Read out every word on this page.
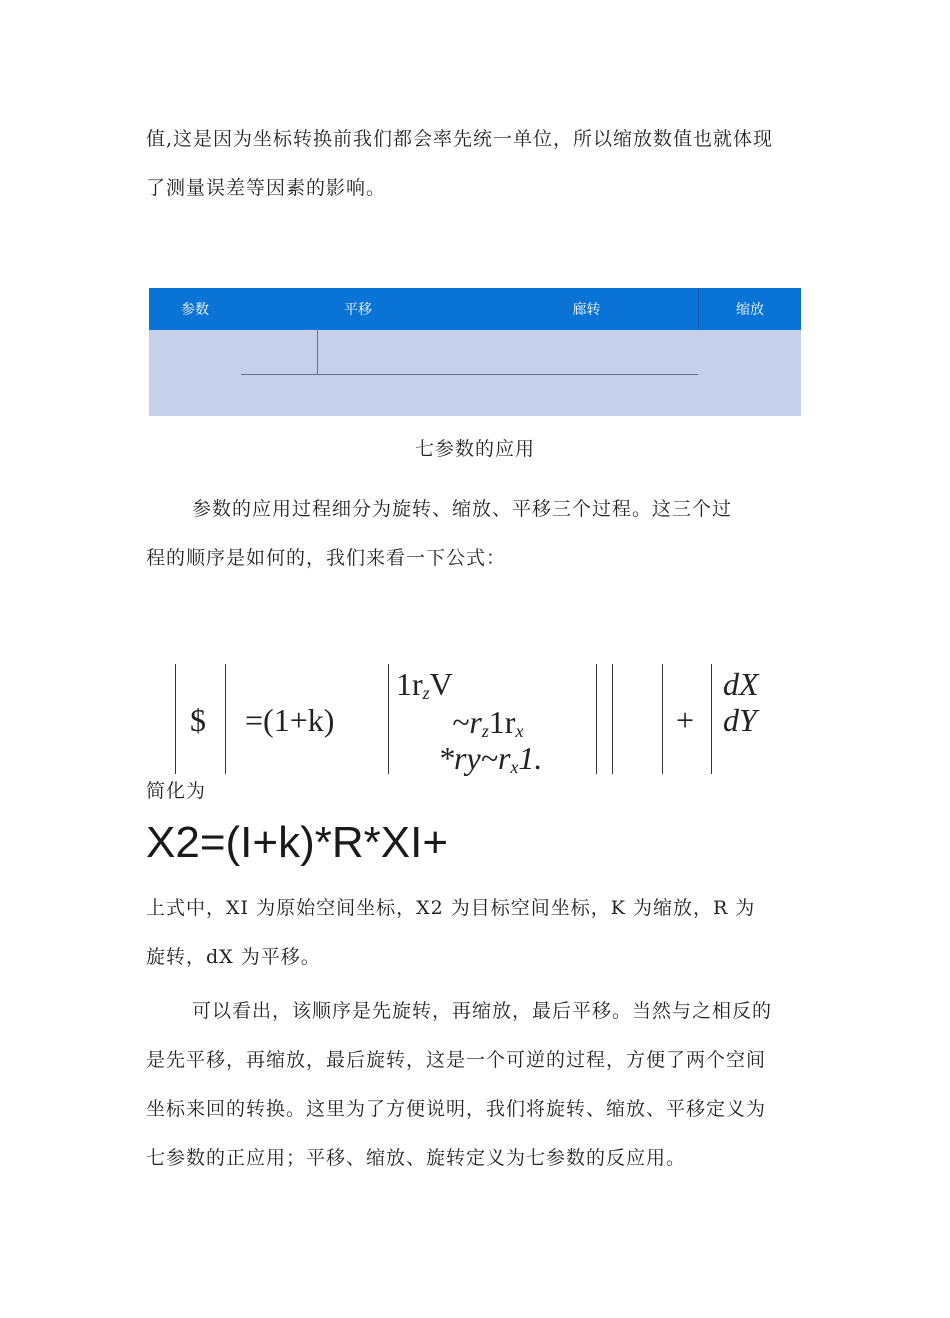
值,这是因为坐标转换前我们都会率先统一单位，所以缩放数值也就体现
了测量误差等因素的影响。
参数	平移	廊转	缩放
七参数的应用
参数的应用过程细分为旋转、缩放、平移三个过程。这三个过
程的顺序是如何的，我们来看一下公式：
$ =(1+k)
$1r_zV$
$\sim r_z1r_x$
$*ry\sim r_x1$.
+
dX
dY
简化为
X2=(I+k)*R*XI+
上式中，XI 为原始空间坐标，X2 为目标空间坐标，K 为缩放，R 为
旋转，dX 为平移。
可以看出，该顺序是先旋转，再缩放，最后平移。当然与之相反的
是先平移，再缩放，最后旋转，这是一个可逆的过程，方便了两个空间
坐标来回的转换。这里为了方便说明，我们将旋转、缩放、平移定义为
七参数的正应用；平移、缩放、旋转定义为七参数的反应用。
